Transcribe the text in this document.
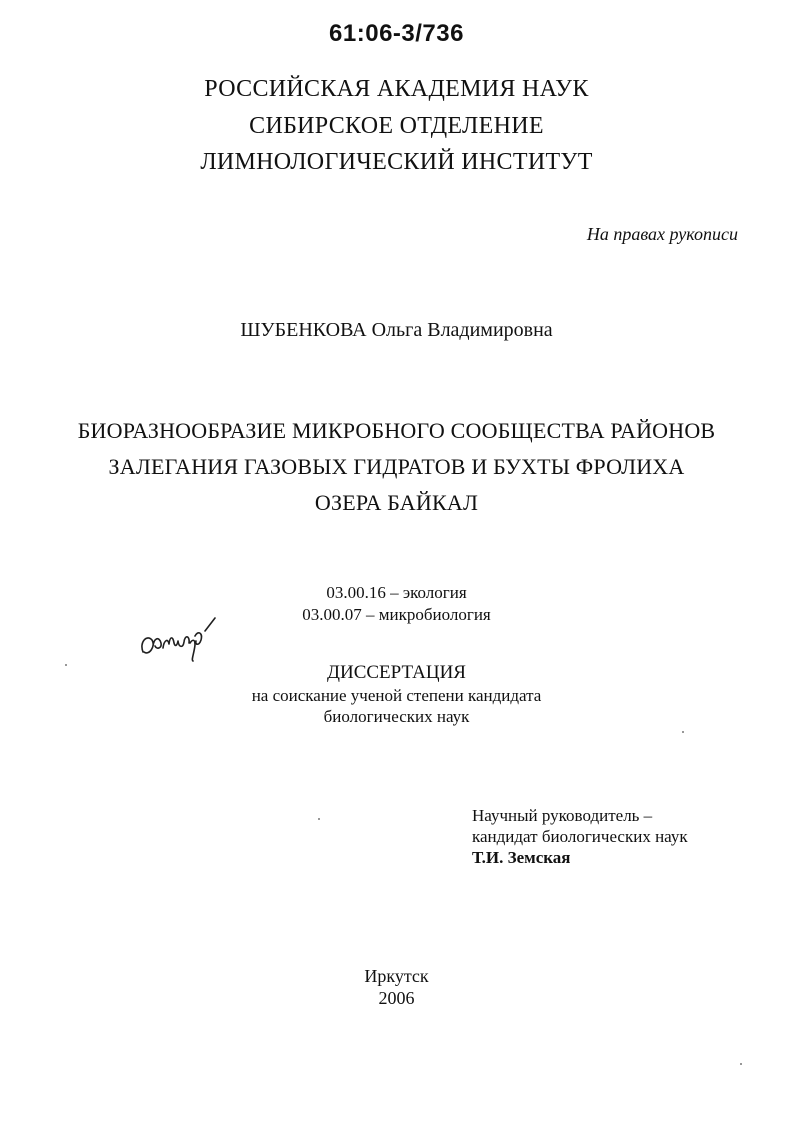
61:06-3/736
РОССИЙСКАЯ АКАДЕМИЯ НАУК
СИБИРСКОЕ ОТДЕЛЕНИЕ
ЛИМНОЛОГИЧЕСКИЙ ИНСТИТУТ
На правах рукописи
ШУБЕНКОВА Ольга Владимировна
БИОРАЗНООБРАЗИЕ МИКРОБНОГО СООБЩЕСТВА РАЙОНОВ
ЗАЛЕГАНИЯ ГАЗОВЫХ ГИДРАТОВ И БУХТЫ ФРОЛИХА
ОЗЕРА БАЙКАЛ
03.00.16 – экология
03.00.07 – микробиология
ДИССЕРТАЦИЯ
на соискание ученой степени кандидата
биологических наук
Научный руководитель –
кандидат биологических наук
Т.И. Земская
Иркутск
2006
